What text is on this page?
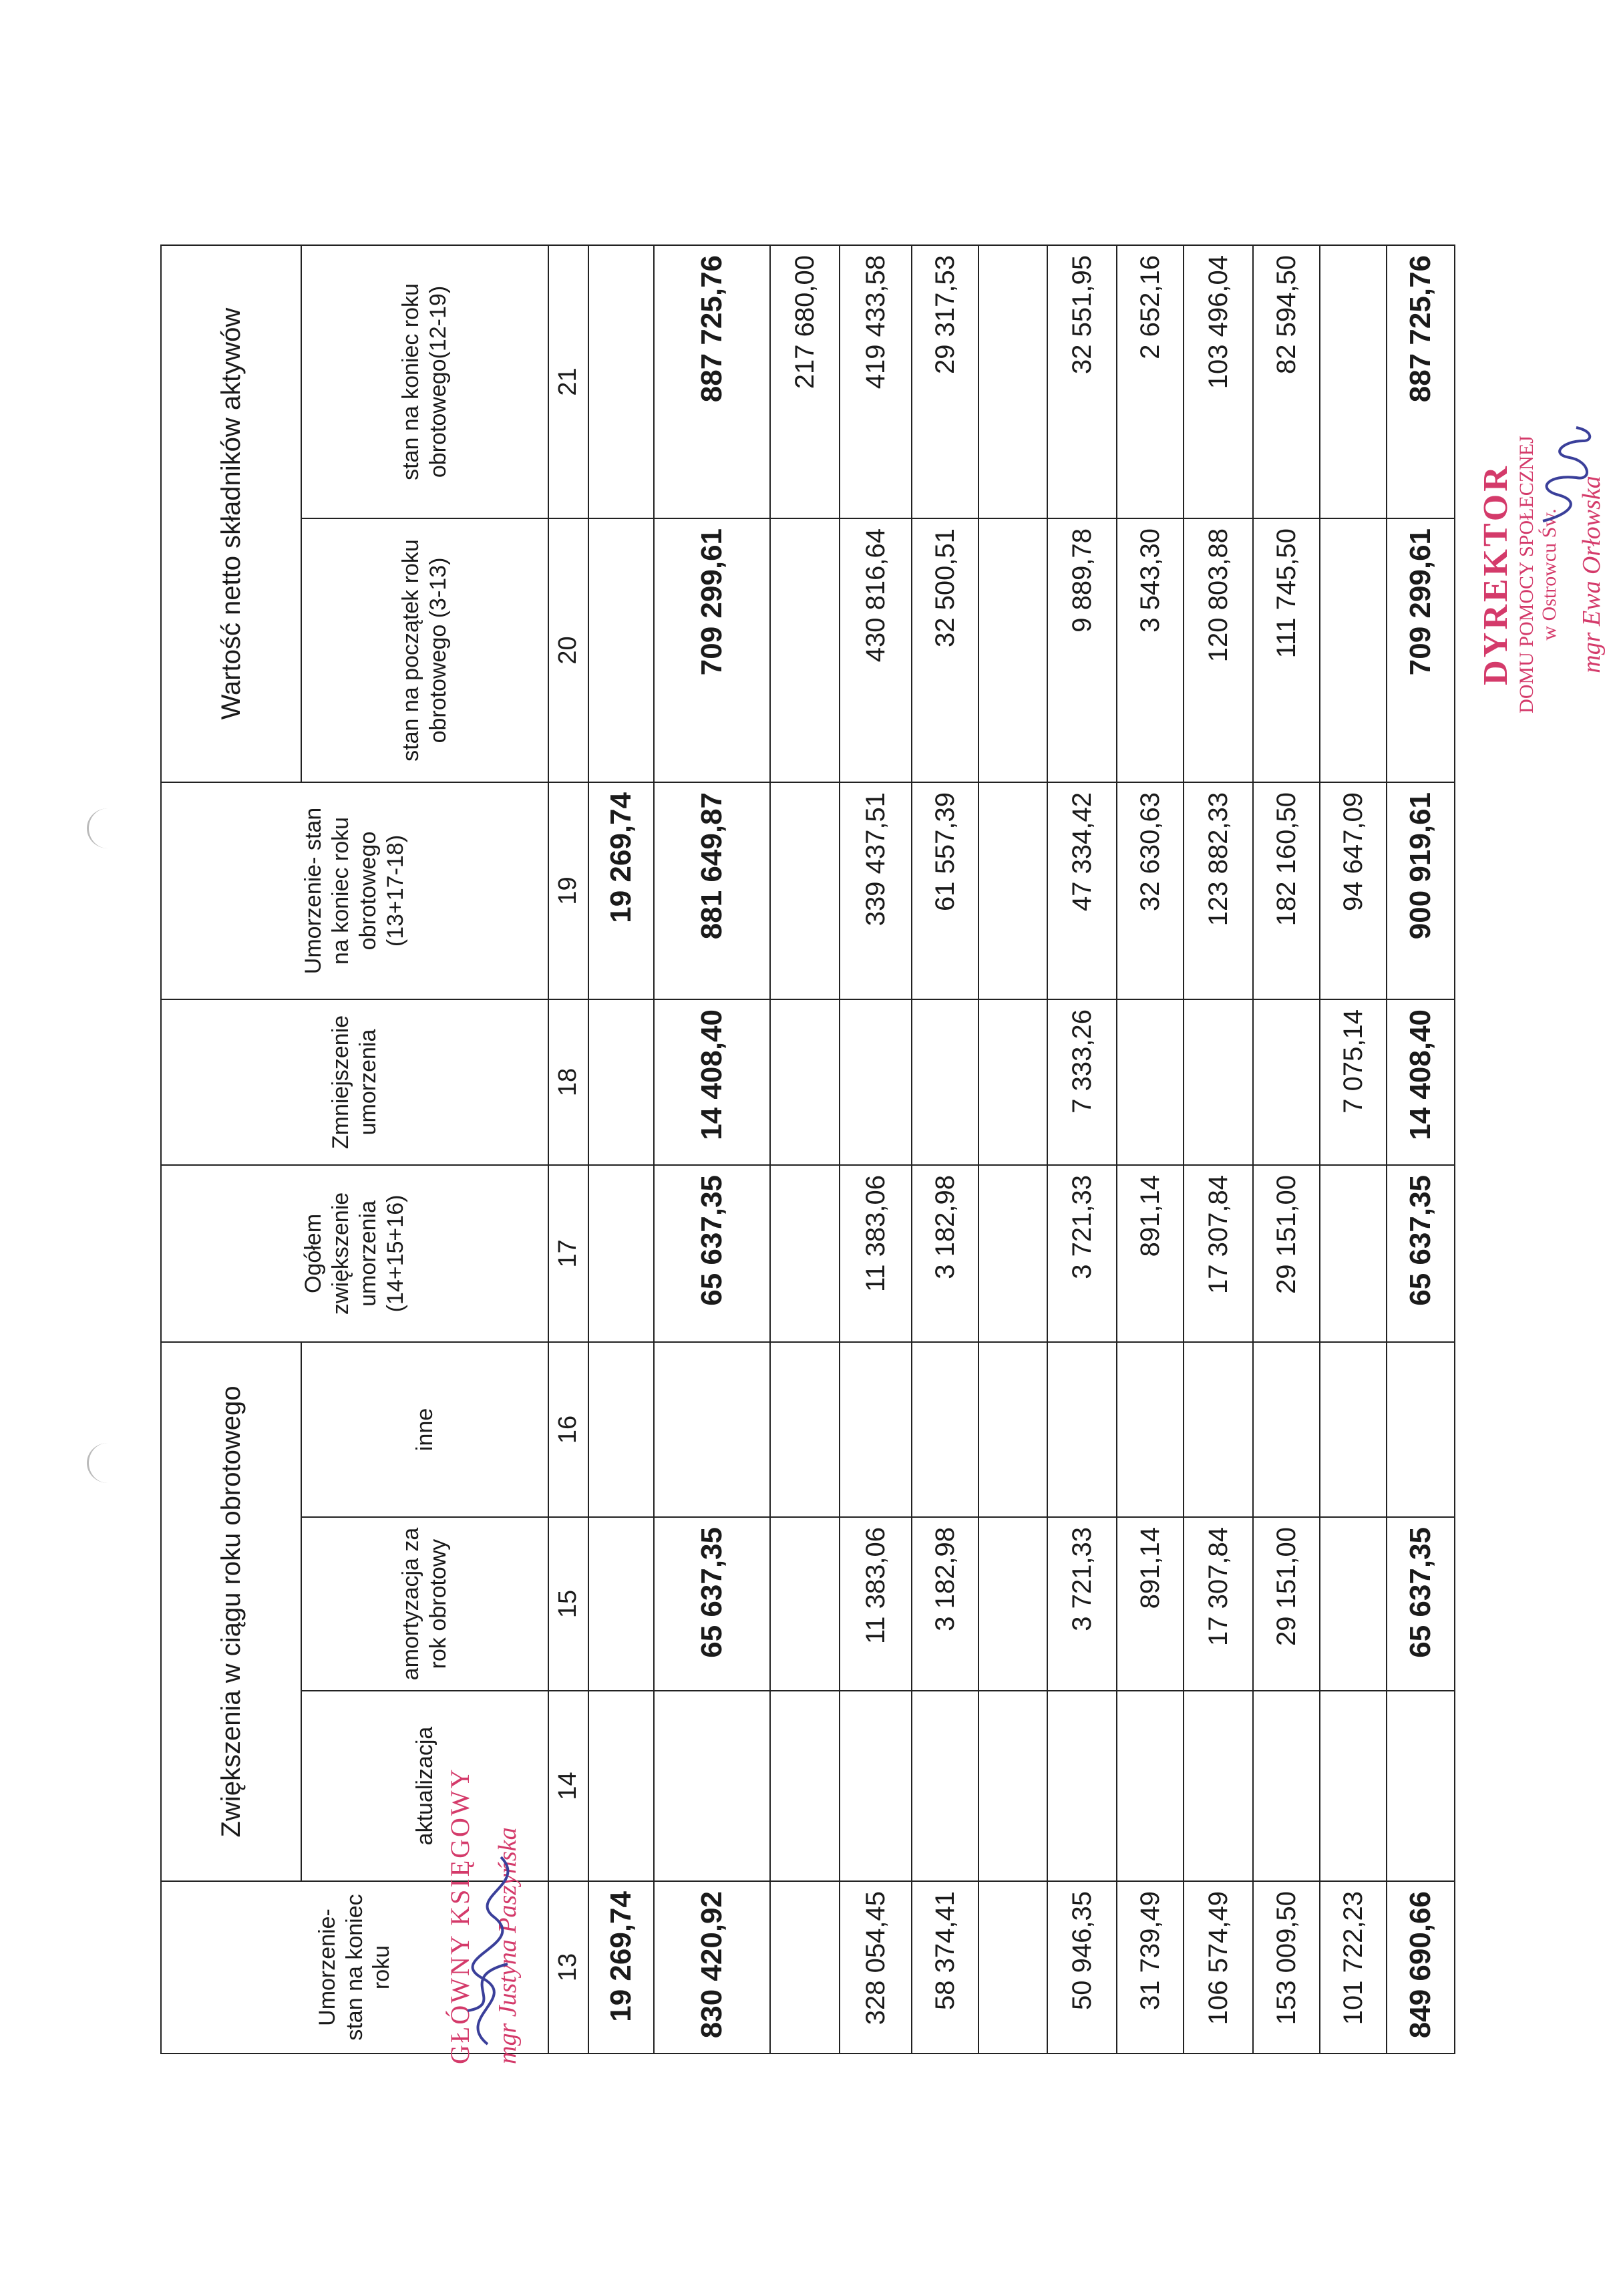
Umorzenie-stan na koniec roku	Zwiększenia w ciągu roku obrotowego			Ogółem zwiększenie umorzenia (14+15+16)	Zmniejszenie umorzenia	Umorzenie- stan na koniec roku obrotowego (13+17-18)	Wartość netto składników aktywów	
	aktualizacja	amortyzacja za rok obrotowy	inne				stan na początek roku obrotowego (3-13)	stan na koniec roku obrotowego(12-19)
13	14	15	16	17	18	19	20	21
19 269,74						19 269,74		
830 420,92		65 637,35		65 637,35	14 408,40	881 649,87	709 299,61	887 725,76
								217 680,00
328 054,45		11 383,06		11 383,06		339 437,51	430 816,64	419 433,58
58 374,41		3 182,98		3 182,98		61 557,39	32 500,51	29 317,53

50 946,35		3 721,33		3 721,33	7 333,26	47 334,42	9 889,78	32 551,95
31 739,49		891,14		891,14		32 630,63	3 543,30	2 652,16
106 574,49		17 307,84		17 307,84		123 882,33	120 803,88	103 496,04
153 009,50		29 151,00		29 151,00		182 160,50	111 745,50	82 594,50
101 722,23					7 075,14	94 647,09		
849 690,66		65 637,35		65 637,35	14 408,40	900 919,61	709 299,61	887 725,76
DYREKTOR DOMU POMOCY SPOŁECZNEJ w Ostrowcu Św. mgr Ewa Orłowska
GŁÓWNY KSIĘGOWY mgr Justyna Paszyńska
